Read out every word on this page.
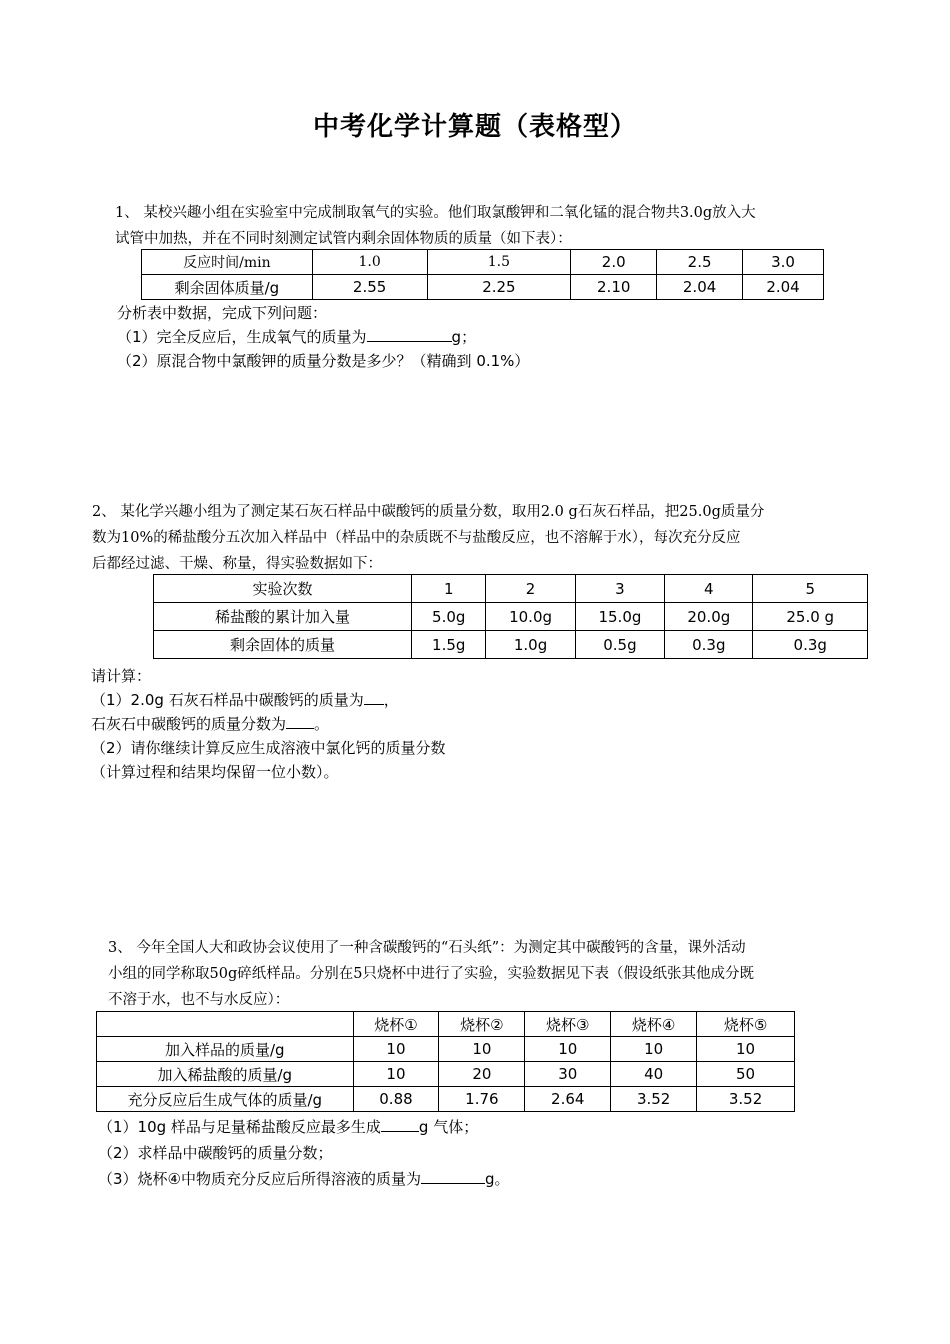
中考化学计算题（表格型）
1、 某校兴趣小组在实验室中完成制取氧气的实验。他们取氯酸钾和二氧化锰的混合物共3.0g放入大
试管中加热，并在不同时刻测定试管内剩余固体物质的质量（如下表）：
反应时间/min	1.0	1.5	2.0	2.5	3.0
剩余固体质量/g	2.55	2.25	2.10	2.04	2.04
分析表中数据，完成下列问题：
（1）完全反应后，生成氧气的质量为	g；
（2）原混合物中氯酸钾的质量分数是多少？（精确到 0.1%）
2、 某化学兴趣小组为了测定某石灰石样品中碳酸钙的质量分数，取用2.0 g石灰石样品，把25.0g质量分
数为10%的稀盐酸分五次加入样品中（样品中的杂质既不与盐酸反应，也不溶解于水），每次充分反应
后都经过滤、干燥、称量，得实验数据如下：
实验次数	1	2	3	4	5
稀盐酸的累计加入量	5.0g	10.0g	15.0g	20.0g	25.0 g
剩余固体的质量	1.5g	1.0g	0.5g	0.3g	0.3g
请计算：
（1）2.0g 石灰石样品中碳酸钙的质量为 ，
石灰石中碳酸钙的质量分数为 。
（2）请你继续计算反应生成溶液中氯化钙的质量分数
（计算过程和结果均保留一位小数）。
3、 今年全国人大和政协会议使用了一种含碳酸钙的“石头纸”：为测定其中碳酸钙的含量，课外活动
小组的同学称取50g碎纸样品。分别在5只烧杯中进行了实验，实验数据见下表（假设纸张其他成分既
不溶于水，也不与水反应）：
	烧杯①	烧杯②	烧杯③	烧杯④	烧杯⑤
加入样品的质量/g	10	10	10	10	10
加入稀盐酸的质量/g	10	20	30	40	50
充分反应后生成气体的质量/g	0.88	1.76	2.64	3.52	3.52
（1）10g 样品与足量稀盐酸反应最多生成	g 气体；
（2）求样品中碳酸钙的质量分数；
（3）烧杯④中物质充分反应后所得溶液的质量为	g。
